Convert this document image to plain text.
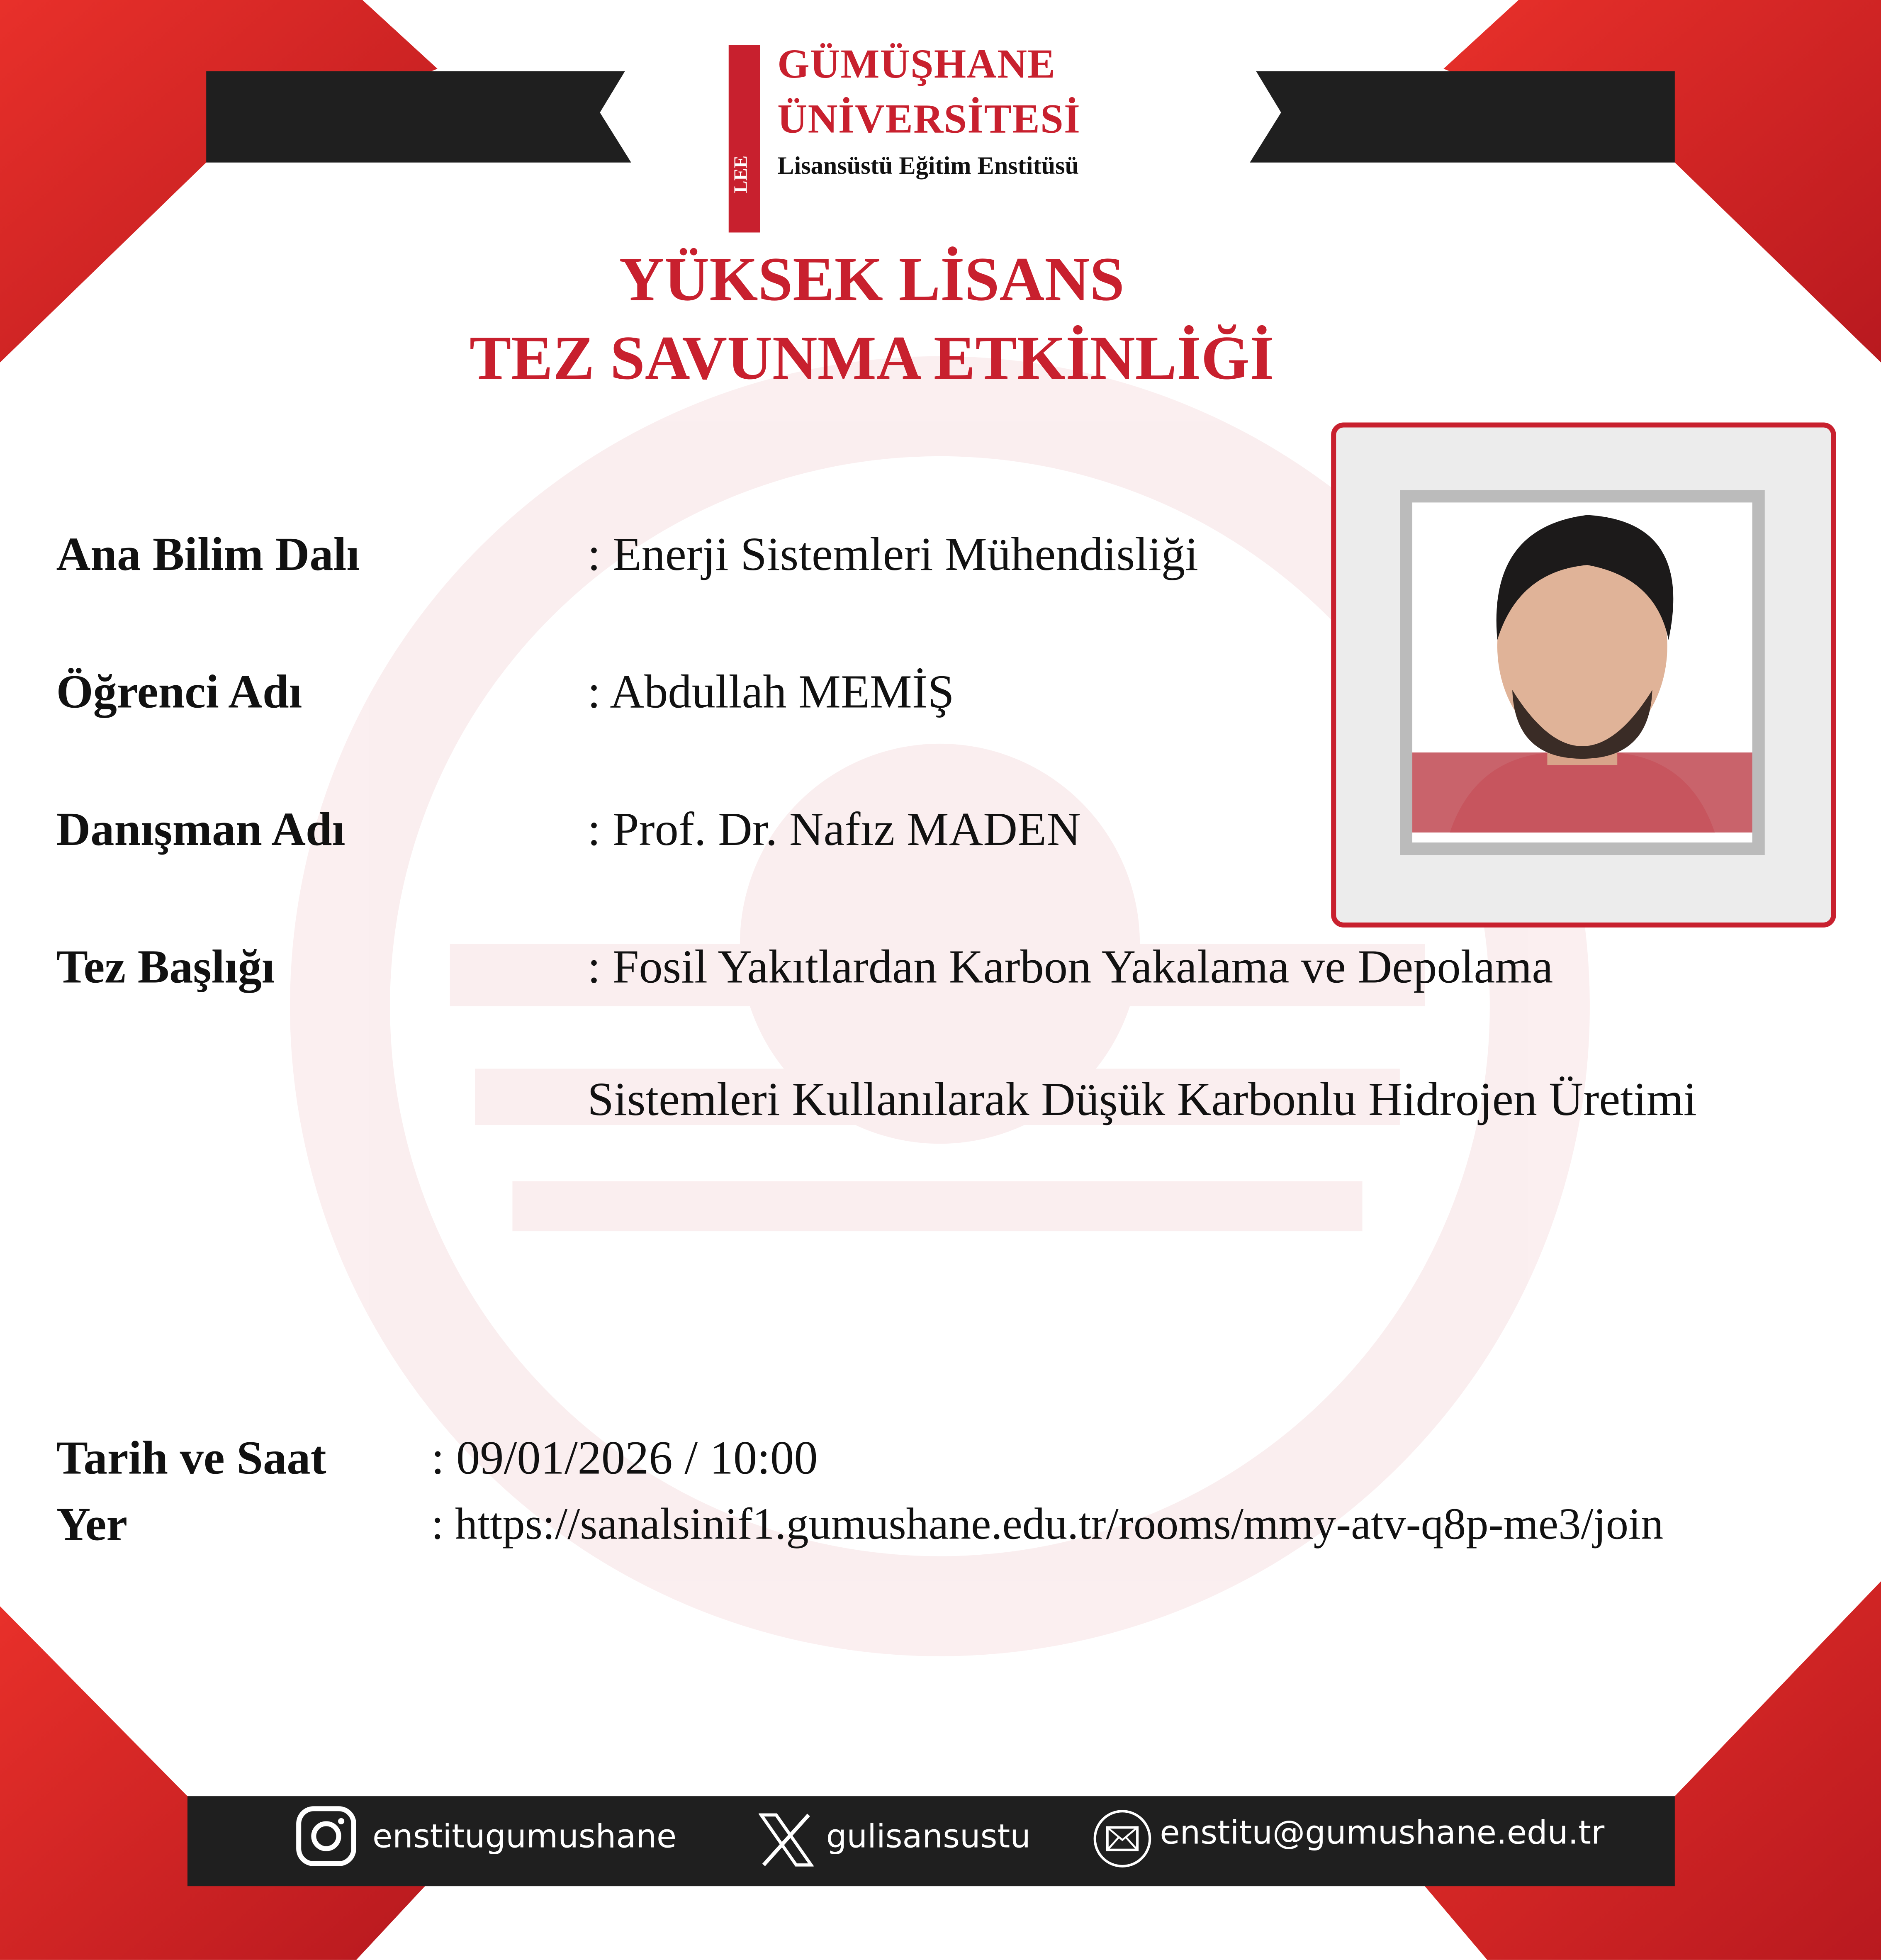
LEE
GÜMÜŞHANE
ÜNİVERSİTESİ
Lisansüstü Eğitim Enstitüsü
YÜKSEK LİSANS
TEZ SAVUNMA ETKİNLİĞİ
Ana Bilim Dalı	: Enerji Sistemleri Mühendisliği
Öğrenci Adı	: Abdullah MEMİŞ
Danışman Adı	: Prof. Dr. Nafız MADEN
Tez Başlığı	: Fosil Yakıtlardan Karbon Yakalama ve Depolama
Sistemleri Kullanılarak Düşük Karbonlu Hidrojen Üretimi
Tarih ve Saat	: 09/01/2026 / 10:00
Yer	: https://sanalsinif1.gumushane.edu.tr/rooms/mmy-atv-q8p-me3/join
enstitugumushane	gulisansustu	enstitu@gumushane.edu.tr
